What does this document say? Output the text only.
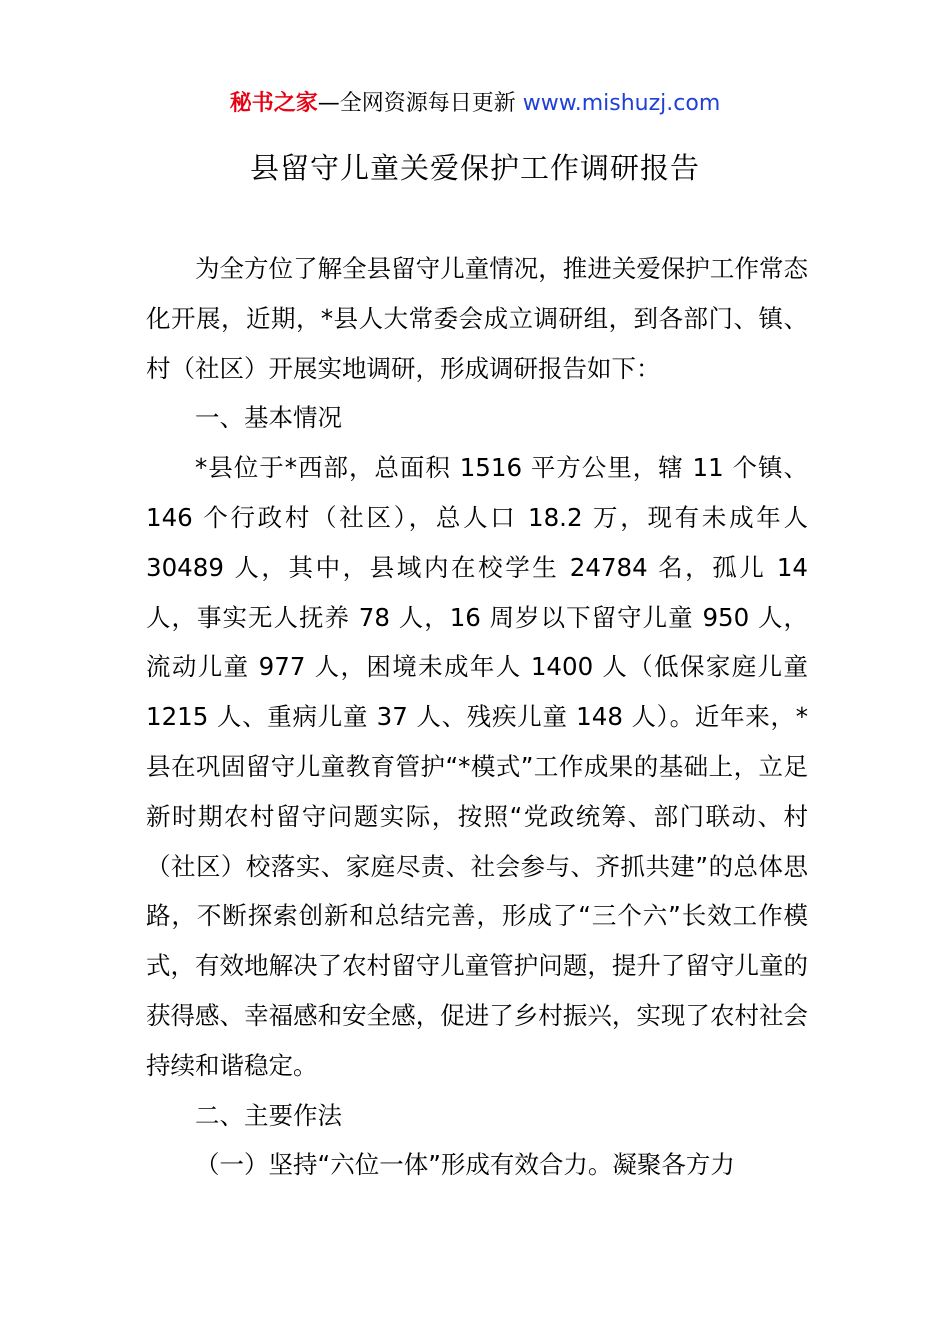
秘书之家—全网资源每日更新 www.mishuzj.com
县留守儿童关爱保护工作调研报告

为全方位了解全县留守儿童情况，推进关爱保护工作常态化开展，近期，*县人大常委会成立调研组，到各部门、镇、村（社区）开展实地调研，形成调研报告如下：

一、基本情况

*县位于*西部，总面积 1516 平方公里，辖 11 个镇、146 个行政村（社区），总人口 18.2 万，现有未成年人 30489 人，其中，县域内在校学生 24784 名，孤儿 14 人，事实无人抚养 78 人，16 周岁以下留守儿童 950 人，流动儿童 977 人，困境未成年人 1400 人（低保家庭儿童1215 人、重病儿童 37 人、残疾儿童 148 人）。近年来，*县在巩固留守儿童教育管护“*模式”工作成果的基础上，立足新时期农村留守问题实际，按照“党政统筹、部门联动、村（社区）校落实、家庭尽责、社会参与、齐抓共建”的总体思路，不断探索创新和总结完善，形成了“三个六”长效工作模式，有效地解决了农村留守儿童管护问题，提升了留守儿童的获得感、幸福感和安全感，促进了乡村振兴，实现了农村社会持续和谐稳定。

二、主要作法

（一）坚持“六位一体”形成有效合力。凝聚各方力
